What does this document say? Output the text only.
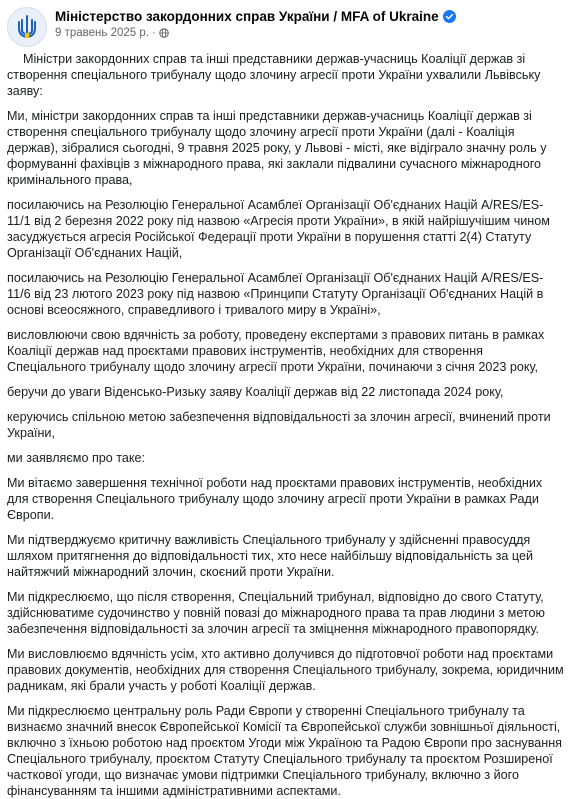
Міністерство закордонних справ України / MFA of Ukraine
9 травень 2025 р. ·

Міністри закордонних справ та інші представники держав-учасниць Коаліції держав зі створення спеціального трибуналу щодо злочину агресії проти України ухвалили Львівську заяву:

Ми, міністри закордонних справ та інші представники держав-учасниць Коаліції держав зі створення спеціального трибуналу щодо злочину агресії проти України (далі - Коаліція держав), зібралися сьогодні, 9 травня 2025 року, у Львові - місті, яке відіграло значну роль у формуванні фахівців з міжнародного права, які заклали підвалини сучасного міжнародного кримінального права,

посилаючись на Резолюцію Генеральної Асамблеї Організації Об'єднаних Націй A/RES/ES-11/1 від 2 березня 2022 року під назвою «Агресія проти України», в якій найрішучішим чином засуджується агресія Російської Федерації проти України в порушення статті 2(4) Статуту Організації Об'єднаних Націй,

посилаючись на Резолюцію Генеральної Асамблеї Організації Об'єднаних Націй A/RES/ES-11/6 від 23 лютого 2023 року під назвою «Принципи Статуту Організації Об'єднаних Націй в основі всеосяжного, справедливого і тривалого миру в Україні»,

висловлюючи свою вдячність за роботу, проведену експертами з правових питань в рамках Коаліції держав над проєктами правових інструментів, необхідних для створення Спеціального трибуналу щодо злочину агресії проти України, починаючи з січня 2023 року,

беручи до уваги Віденсько-Ризьку заяву Коаліції держав від 22 листопада 2024 року,

керуючись спільною метою забезпечення відповідальності за злочин агресії, вчинений проти України,

ми заявляємо про таке:

Ми вітаємо завершення технічної роботи над проєктами правових інструментів, необхідних для створення Спеціального трибуналу щодо злочину агресії проти України в рамках Ради Європи.

Ми підтверджуємо критичну важливість Спеціального трибуналу у здійсненні правосуддя шляхом притягнення до відповідальності тих, хто несе найбільшу відповідальність за цей найтяжчий міжнародний злочин, скоєний проти України.

Ми підкреслюємо, що після створення, Спеціальний трибунал, відповідно до свого Статуту, здійснюватиме судочинство у повній повазі до міжнародного права та прав людини з метою забезпечення відповідальності за злочин агресії та зміцнення міжнародного правопорядку.

Ми висловлюємо вдячність усім, хто активно долучився до підготовчої роботи над проєктами правових документів, необхідних для створення Спеціального трибуналу, зокрема, юридичним радникам, які брали участь у роботі Коаліції держав.

Ми підкреслюємо центральну роль Ради Європи у створенні Спеціального трибуналу та визнаємо значний внесок Європейської Комісії та Європейської служби зовнішньої діяльності, включно з їхньою роботою над проєктом Угоди між Україною та Радою Європи про заснування Спеціального трибуналу, проєктом Статуту Спеціального трибуналу та проєктом Розширеної часткової угоди, що визначає умови підтримки Спеціального трибуналу, включно з його фінансуванням та іншими адміністративними аспектами.
